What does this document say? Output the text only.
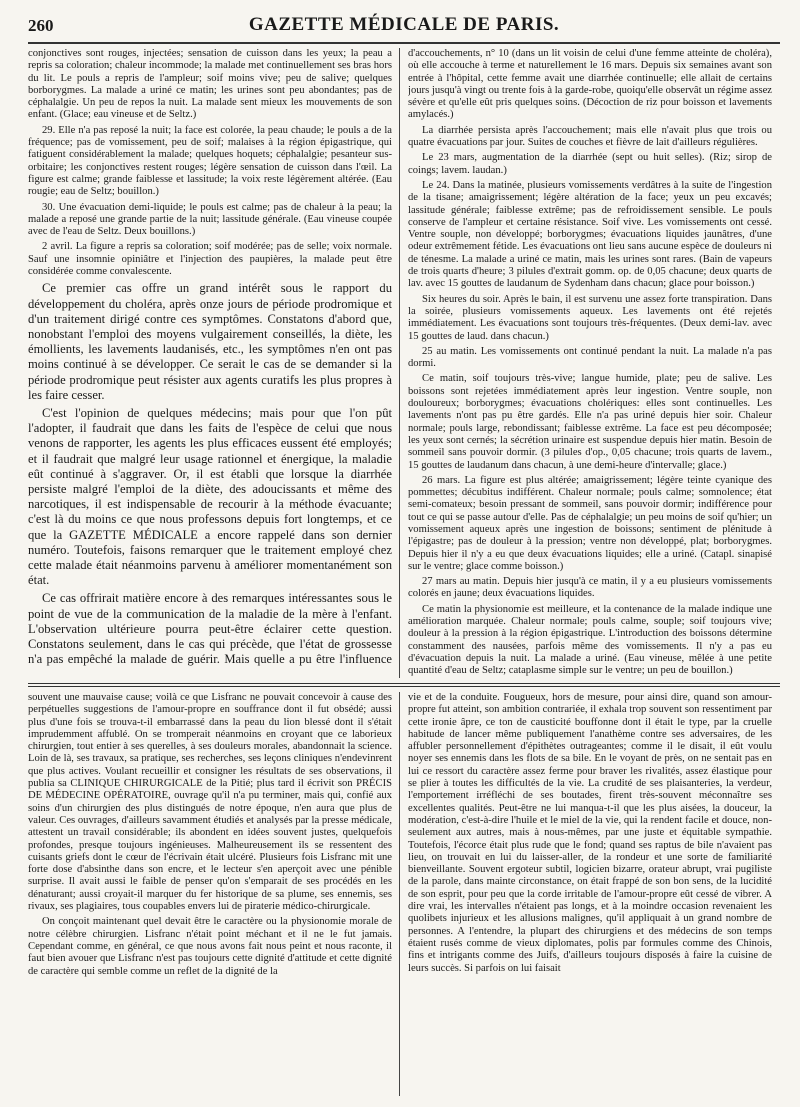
GAZETTE MÉDICALE DE PARIS.
260

conjonctives sont rouges, injectées; sensation de cuisson dans les yeux; la peau a repris sa coloration; chaleur incommode; la malade met continuellement ses bras hors du lit. Le pouls a repris de l'ampleur; soif moins vive; peu de salive; quelques borborygmes. La malade a uriné ce matin; les urines sont peu abondantes; pas de céphalalgie. Un peu de repos la nuit. La malade sent mieux les mouvements de son enfant. (Glace; eau vineuse et de Seltz.)

29. Elle n'a pas reposé la nuit; la face est colorée, la peau chaude; le pouls a de la fréquence; pas de vomissement, peu de soif; malaises à la région épigastrique, qui fatiguent considérablement la malade; quelques hoquets; céphalalgie; pesanteur sus-orbitaire; les conjonctives restent rouges; légère sensation de cuisson dans l'œil. La figure est calme; grande faiblesse et lassitude; la voix reste légèrement altérée. (Eau rougie; eau de Seltz; bouillon.)

30. Une évacuation demi-liquide; le pouls est calme; pas de chaleur à la peau; la malade a reposé une grande partie de la nuit; lassitude générale. (Eau vineuse coupée avec de l'eau de Seltz. Deux bouillons.)

2 avril. La figure a repris sa coloration; soif modérée; pas de selle; voix normale. Sauf une insomnie opiniâtre et l'injection des paupières, la malade peut être considérée comme convalescente.

Ce premier cas offre un grand intérêt sous le rapport du développement du choléra, après onze jours de période prodromique et d'un traitement dirigé contre ces symptômes. Constatons d'abord que, nonobstant l'emploi des moyens vulgairement conseillés, la diète, les émollients, les lavements laudanisés, etc., les symptômes n'en ont pas moins continué à se développer. Ce serait le cas de se demander si la période prodromique peut résister aux agents curatifs les plus propres à les faire cesser.

C'est l'opinion de quelques médecins; mais pour que l'on pût l'adopter, il faudrait que dans les faits de l'espèce de celui que nous venons de rapporter, les agents les plus efficaces eussent été employés; et il faudrait que malgré leur usage rationnel et énergique, la maladie eût continué à s'aggraver. Or, il est établi que lorsque la diarrhée persiste malgré l'emploi de la diète, des adoucissants et même des narcotiques, il est indispensable de recourir à la méthode évacuante; c'est là du moins ce que nous professons depuis fort longtemps, et ce que la GAZETTE MÉDICALE a encore rappelé dans son dernier numéro. Toutefois, faisons remarquer que le traitement employé chez cette malade était néanmoins parvenu à améliorer momentanément son état.

Ce cas offrirait matière encore à des remarques intéressantes sous le point de vue de la communication de la maladie de la mère à l'enfant. L'observation ultérieure pourra peut-être éclairer cette question. Constatons seulement, dans le cas qui précède, que l'état de grossesse n'a pas empêché la malade de guérir. Mais quelle a pu être l'influence

d'accouchements, n° 10 (dans un lit voisin de celui d'une femme atteinte de choléra), où elle accouche à terme et naturellement le 16 mars. Depuis six semaines avant son entrée à l'hôpital, cette femme avait une diarrhée continuelle; elle allait de certains jours jusqu'à vingt ou trente fois à la garde-robe, quoiqu'elle observât un régime assez sévère et qu'elle eût pris quelques soins. (Décoction de riz pour boisson et lavements amylacés.)

La diarrhée persista après l'accouchement; mais elle n'avait plus que trois ou quatre évacuations par jour. Suites de couches et fièvre de lait d'ailleurs régulières.

Le 23 mars, augmentation de la diarrhée (sept ou huit selles). (Riz; sirop de coings; lavem. laudan.)

Le 24. Dans la matinée, plusieurs vomissements verdâtres à la suite de l'ingestion de la tisane; amaigrissement; légère altération de la face; yeux un peu excavés; lassitude générale; faiblesse extrême; pas de refroidissement sensible. Le pouls conserve de l'ampleur et certaine résistance. Soif vive. Les vomissements ont cessé. Ventre souple, non développé; borborygmes; évacuations liquides jaunâtres, d'une odeur extrêmement fétide. Les évacuations ont lieu sans aucune espèce de douleurs ni de ténesme. La malade a uriné ce matin, mais les urines sont rares. (Bain de vapeurs de trois quarts d'heure; 3 pilules d'extrait gomm. op. de 0,05 chacune; deux quarts de lav. avec 15 gouttes de laudanum de Sydenham dans chacun; glace pour boisson.)

Six heures du soir. Après le bain, il est survenu une assez forte transpiration. Dans la soirée, plusieurs vomissements aqueux. Les lavements ont été rejetés immédiatement. Les évacuations sont toujours très-fréquentes. (Deux demi-lav. avec 15 gouttes de laud. dans chacun.)

25 au matin. Les vomissements ont continué pendant la nuit. La malade n'a pas dormi.

Ce matin, soif toujours très-vive; langue humide, plate; peu de salive. Les boissons sont rejetées immédiatement après leur ingestion. Ventre souple, non douloureux; borborygmes; évacuations cholériques: elles sont continuelles. Les lavements n'ont pas pu être gardés. Elle n'a pas uriné depuis hier soir. Chaleur normale; pouls large, rebondissant; faiblesse extrême. La face est peu décomposée; les yeux sont cernés; la sécrétion urinaire est suspendue depuis hier matin. Besoin de sommeil sans pouvoir dormir. (3 pilules d'op., 0,05 chacune; trois quarts de lavem., 15 gouttes de laudanum dans chacun, à une demi-heure d'intervalle; glace.)

26 mars. La figure est plus altérée; amaigrissement; légère teinte cyanique des pommettes; décubitus indifférent. Chaleur normale; pouls calme; somnolence; état semi-comateux; besoin pressant de sommeil, sans pouvoir dormir; indifférence pour tout ce qui se passe autour d'elle. Pas de céphalalgie; un peu moins de soif qu'hier; un vomissement aqueux après une ingestion de boissons; sentiment de plénitude à l'épigastre; pas de douleur à la pression; ventre non développé, plat; borborygmes. Depuis hier il n'y a eu que deux évacuations liquides; elle a uriné. (Catapl. sinapisé sur le ventre; glace comme boisson.)

27 mars au matin. Depuis hier jusqu'à ce matin, il y a eu plusieurs vomissements colorés en jaune; deux évacuations liquides.

Ce matin la physionomie est meilleure, et la contenance de la malade indique une amélioration marquée. Chaleur normale; pouls calme, souple; soif toujours vive; douleur à la pression à la région épigastrique. L'introduction des boissons détermine constamment des nausées, parfois même des vomissements. Il n'y a pas eu d'évacuation depuis la nuit. La malade a uriné. (Eau vineuse, mêlée à une petite quantité d'eau de Seltz; cataplasme simple sur le ventre; un peu de bouillon.)

souvent une mauvaise cause; voilà ce que Lisfranc ne pouvait concevoir à cause des perpétuelles suggestions de l'amour-propre en souffrance dont il fut obsédé; aussi plus d'une fois se trouva-t-il embarrassé dans la peau du lion blessé dont il s'était imprudemment affublé. On se tromperait néanmoins en croyant que ce laborieux chirurgien, tout entier à ses querelles, à ses douleurs morales, abandonnait la science. Loin de là, ses travaux, sa pratique, ses recherches, ses leçons cliniques n'endevinrent que plus actives. Voulant recueillir et consigner les résultats de ses observations, il publia sa CLINIQUE CHIRURGICALE de la Pitié; plus tard il écrivit son PRÉCIS DE MÉDECINE OPÉRATOIRE, ouvrage qu'il n'a pu terminer, mais qui, confié aux soins d'un chirurgien des plus distingués de notre époque, n'en aura que plus de valeur. Ces ouvrages, d'ailleurs savamment étudiés et analysés par la presse médicale, attestent un travail considérable; ils abondent en idées souvent justes, quelquefois profondes, presque toujours ingénieuses. Malheureusement ils se ressentent des cuisants griefs dont le cœur de l'écrivain était ulcéré. Plusieurs fois Lisfranc mit une forte dose d'absinthe dans son encre, et le lecteur s'en aperçoit avec une pénible surprise. Il avait aussi le faible de penser qu'on s'emparait de ses procédés en les dénaturant; aussi croyait-il marquer du fer historique de sa plume, ses ennemis, ses rivaux, ses plagiaires, tous coupables envers lui de piraterie médico-chirurgicale.

On conçoit maintenant quel devait être le caractère ou la physionomie morale de notre célèbre chirurgien. Lisfranc n'était point méchant et il ne le fut jamais. Cependant comme, en général, ce que nous avons fait nous peint et nous raconte, il faut bien avouer que Lisfranc n'est pas toujours cette dignité d'attitude et cette dignité de caractère qui semble comme un reflet de la dignité de la

vie et de la conduite. Fougueux, hors de mesure, pour ainsi dire, quand son amour-propre fut atteint, son ambition contrariée, il exhala trop souvent son ressentiment par cette ironie âpre, ce ton de causticité bouffonne dont il était le type, par la cruelle habitude de lancer même publiquement l'anathème contre ses adversaires, de les affubler personnellement d'épithètes outrageantes; comme il le disait, il eût voulu noyer ses ennemis dans les flots de sa bile. En le voyant de près, on ne sentait pas en lui ce ressort du caractère assez ferme pour braver les rivalités, assez élastique pour se plier à toutes les difficultés de la vie. La crudité de ses plaisanteries, la verdeur, l'emportement irréfléchi de ses boutades, firent très-souvent méconnaître ses excellentes qualités. Peut-être ne lui manqua-t-il que les plus aisées, la douceur, la modération, c'est-à-dire l'huile et le miel de la vie, qui la rendent facile et douce, non-seulement aux autres, mais à nous-mêmes, par une juste et équitable sympathie. Toutefois, l'écorce était plus rude que le fond; quand ses raptus de bile n'avaient pas lieu, on trouvait en lui du laisser-aller, de la rondeur et une sorte de familiarité bienveillante. Souvent ergoteur subtil, logicien bizarre, orateur abrupt, vrai pugiliste de la parole, dans mainte circonstance, on était frappé de son bon sens, de la lucidité de son esprit, pour peu que la corde irritable de l'amour-propre eût cessé de vibrer. A dire vrai, les intervalles n'étaient pas longs, et à la moindre occasion revenaient les quolibets injurieux et les allusions malignes, qu'il appliquait à un grand nombre de personnes. A l'entendre, la plupart des chirurgiens et des médecins de son temps étaient rusés comme de vieux diplomates, polis par formules comme des Chinois, fins et intrigants comme des Juifs, d'ailleurs toujours disposés à faire la cuisine de leurs succès. Si parfois on lui faisait
